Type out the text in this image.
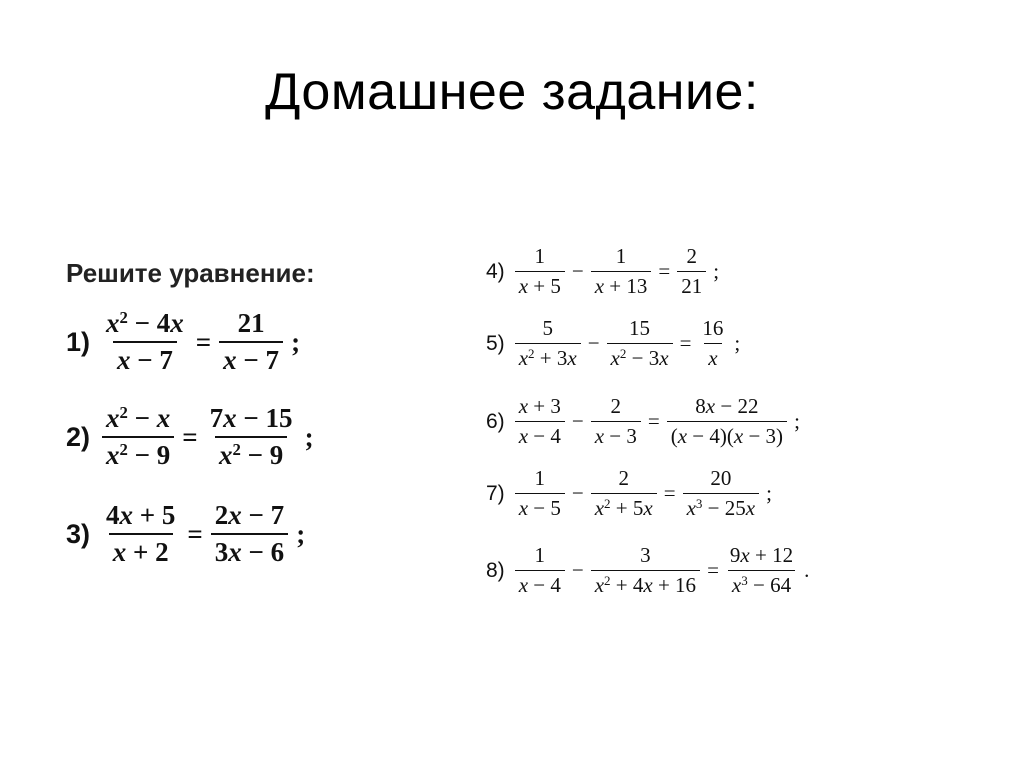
Домашнее задание:
Решите уравнение:
$1) \frac{x^2 - 4x}{x - 7} = \frac{21}{x - 7}$ ;
$2) \frac{x^2 - x}{x^2 - 9} = \frac{7x - 15}{x^2 - 9}$ ;
$3) \frac{4x + 5}{x + 2} = \frac{2x - 7}{3x - 6}$ ;
$4) \frac{1}{x + 5} - \frac{1}{x + 13} = \frac{2}{21}$ ;
$5) \frac{5}{x^2 + 3x} - \frac{15}{x^2 - 3x} = \frac{16}{x}$ ;
$6) \frac{x + 3}{x - 4} - \frac{2}{x - 3} = \frac{8x - 22}{(x - 4)(x - 3)}$ ;
$7) \frac{1}{x - 5} - \frac{2}{x^2 + 5x} = \frac{20}{x^3 - 25x}$ ;
$8) \frac{1}{x - 4} - \frac{3}{x^2 + 4x + 16} = \frac{9x + 12}{x^3 - 64}$ .
